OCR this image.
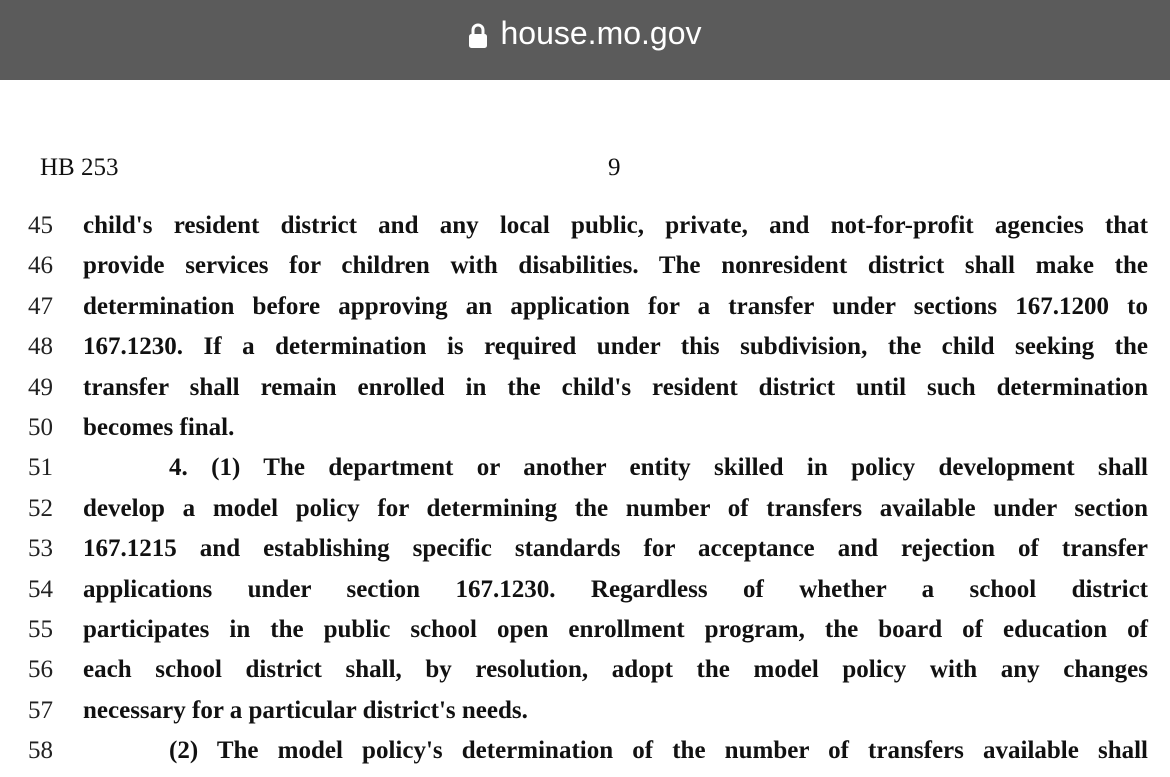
house.mo.gov
HB 253	9
45	child's resident district and any local public, private, and not-for-profit agencies that
46	provide services for children with disabilities. The nonresident district shall make the
47	determination before approving an application for a transfer under sections 167.1200 to
48	167.1230. If a determination is required under this subdivision, the child seeking the
49	transfer shall remain enrolled in the child's resident district until such determination
50	becomes final.
51	4. (1) The department or another entity skilled in policy development shall
52	develop a model policy for determining the number of transfers available under section
53	167.1215 and establishing specific standards for acceptance and rejection of transfer
54	applications under section 167.1230. Regardless of whether a school district
55	participates in the public school open enrollment program, the board of education of
56	each school district shall, by resolution, adopt the model policy with any changes
57	necessary for a particular district's needs.
58	(2) The model policy's determination of the number of transfers available shall
